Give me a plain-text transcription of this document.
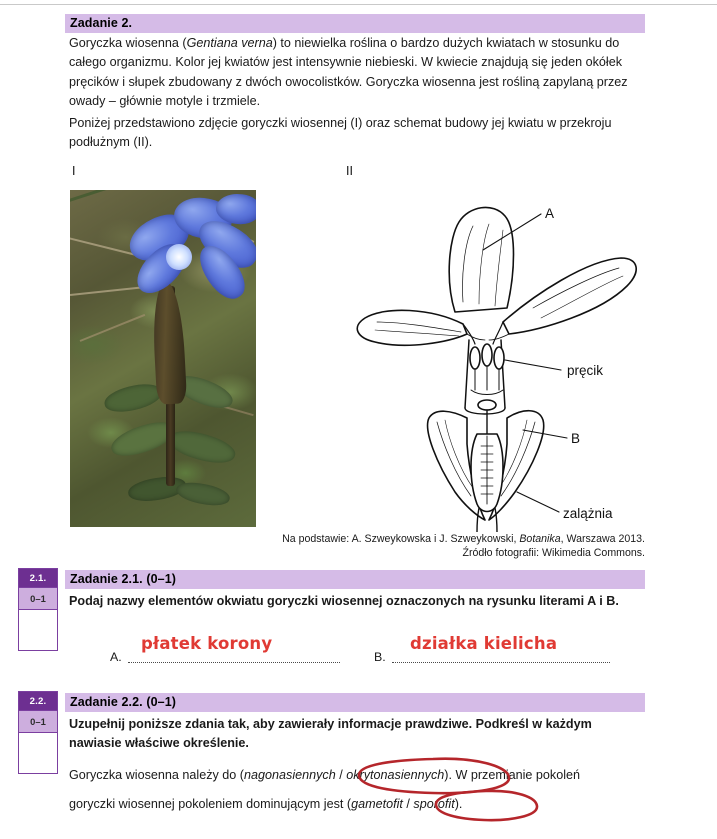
Zadanie 2.
Goryczka wiosenna (Gentiana verna) to niewielka roślina o bardzo dużych kwiatach w stosunku do całego organizmu. Kolor jej kwiatów jest intensywnie niebieski. W kwiecie znajdują się jeden okółek pręcików i słupek zbudowany z dwóch owocolistków. Goryczka wiosenna jest rośliną zapylaną przez owady – głównie motyle i trzmiele.
Poniżej przedstawiono zdjęcie goryczki wiosennej (I) oraz schemat budowy jej kwiatu w przekroju podłużnym (II).
I	II
A
pręcik
B
zalążnia
Na podstawie: A. Szweykowska i J. Szweykowski, Botanika, Warszawa 2013.
Źródło fotografii: Wikimedia Commons.
2.1.
0–1
Zadanie 2.1. (0–1)
Podaj nazwy elementów okwiatu goryczki wiosennej oznaczonych na rysunku literami A i B.
A.
płatek korony
B.
działka kielicha
2.2.
0–1
Zadanie 2.2. (0–1)
Uzupełnij poniższe zdania tak, aby zawierały informacje prawdziwe. Podkreśl w każdym nawiasie właściwe określenie.
Goryczka wiosenna należy do (nagonasiennych / okrytonasiennych). W przemianie pokoleń
goryczki wiosennej pokoleniem dominującym jest (gametofit / sporofit).
